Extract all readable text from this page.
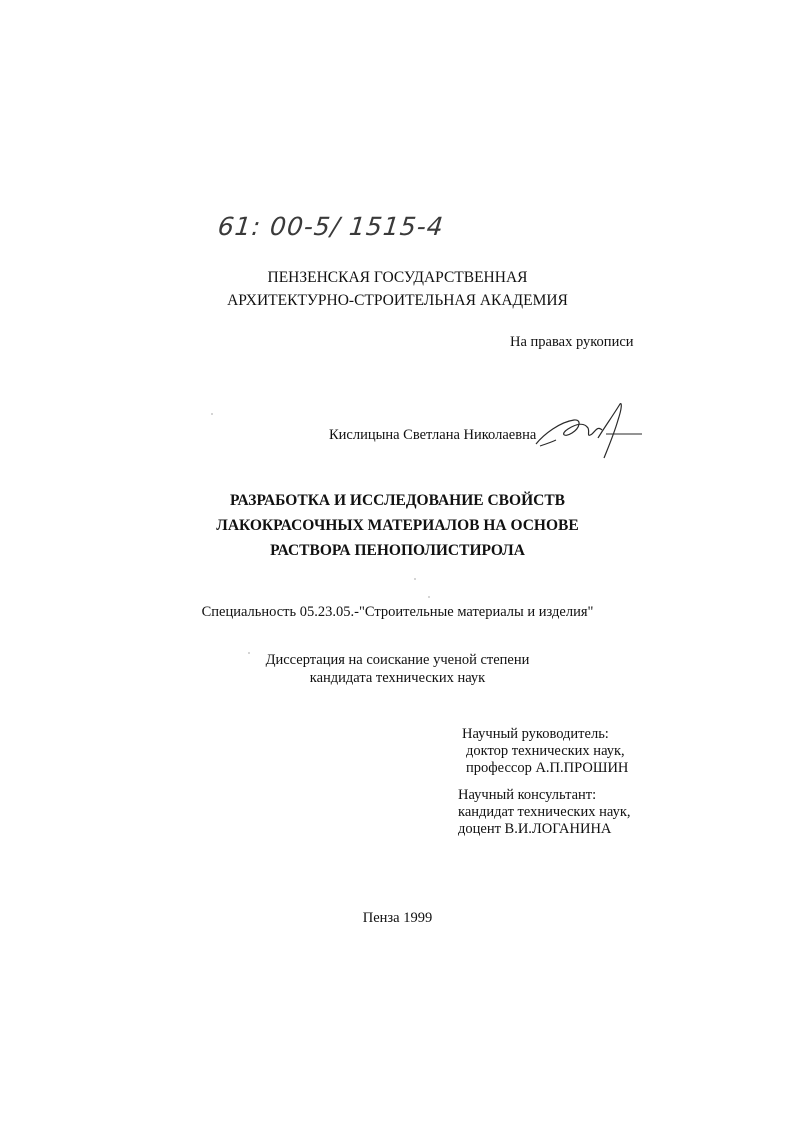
61: 00-5/ 1515-4
ПЕНЗЕНСКАЯ ГОСУДАРСТВЕННАЯ
АРХИТЕКТУРНО-СТРОИТЕЛЬНАЯ АКАДЕМИЯ
На правах рукописи
Кислицына Светлана Николаевна
РАЗРАБОТКА И ИССЛЕДОВАНИЕ СВОЙСТВ
ЛАКОКРАСОЧНЫХ МАТЕРИАЛОВ НА ОСНОВЕ
РАСТВОРА ПЕНОПОЛИСТИРОЛА
Специальность 05.23.05.-"Строительные материалы и изделия"
Диссертация на соискание ученой степени
кандидата технических наук
Научный руководитель:
доктор технических наук,
профессор А.П.ПРОШИН
Научный консультант:
кандидат технических наук,
доцент В.И.ЛОГАНИНА
Пенза 1999
